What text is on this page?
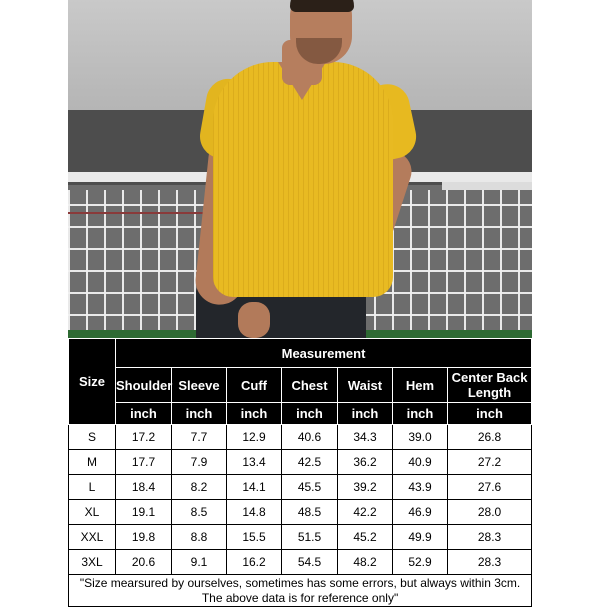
Size	Measurement						
	Shoulder	Sleeve	Cuff	Chest	Waist	Hem	Center Back Length
	inch	inch	inch	inch	inch	inch	inch
S	17.2	7.7	12.9	40.6	34.3	39.0	26.8
M	17.7	7.9	13.4	42.5	36.2	40.9	27.2
L	18.4	8.2	14.1	45.5	39.2	43.9	27.6
XL	19.1	8.5	14.8	48.5	42.2	46.9	28.0
XXL	19.8	8.8	15.5	51.5	45.2	49.9	28.3
3XL	20.6	9.1	16.2	54.5	48.2	52.9	28.3
"Size mearsured by ourselves, sometimes has some errors, but always within 3cm.
The above data is for reference only"							
